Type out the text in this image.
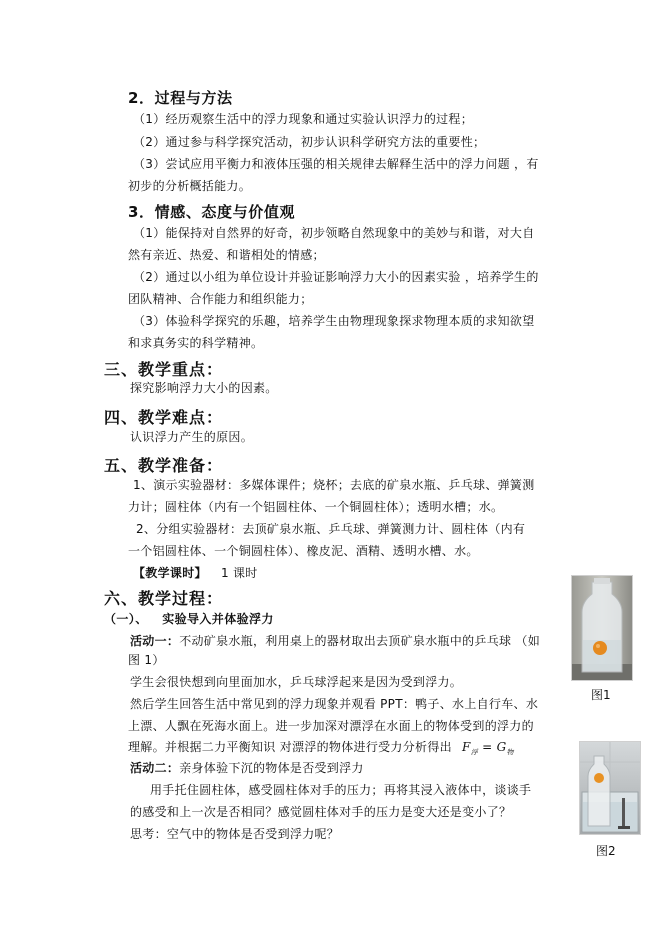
2．过程与方法
（1）经历观察生活中的浮力现象和通过实验认识浮力的过程；
（2）通过参与科学探究活动，初步认识科学研究方法的重要性；
（3）尝试应用平衡力和液体压强的相关规律去解释生活中的浮力问题 ，有
初步的分析概括能力。
3．情感、态度与价值观
（1）能保持对自然界的好奇，初步领略自然现象中的美妙与和谐，对大自
然有亲近、热爱、和谐相处的情感；
（2）通过以小组为单位设计并验证影响浮力大小的因素实验 ，培养学生的
团队精神、合作能力和组织能力；
（3）体验科学探究的乐趣，培养学生由物理现象探求物理本质的求知欲望
和求真务实的科学精神。
三、教学重点：
探究影响浮力大小的因素。
四、教学难点：
认识浮力产生的原因。
五、教学准备：
1、演示实验器材：多媒体课件；烧杯；去底的矿泉水瓶、乒乓球、弹簧测
力计；圆柱体（内有一个铝圆柱体、一个铜圆柱体）；透明水槽；水。
2、分组实验器材：去顶矿泉水瓶、乒乓球、弹簧测力计、圆柱体（内有
一个铝圆柱体、一个铜圆柱体）、橡皮泥、酒精、透明水槽、水。
【教学课时】 1 课时
六、教学过程：
（一）、 实验导入并体验浮力
活动一：不动矿泉水瓶，利用桌上的器材取出去顶矿泉水瓶中的乒乓球 （如
图 1）
学生会很快想到向里面加水，乒乓球浮起来是因为受到浮力。
然后学生回答生活中常见到的浮力现象并观看 PPT：鸭子、水上自行车、水
上漂、人飘在死海水面上。进一步加深对漂浮在水面上的物体受到的浮力的
理解。并根据二力平衡知识 对漂浮的物体进行受力分析得出 $F_浮 = G_物$
活动二：亲身体验下沉的物体是否受到浮力
用手托住圆柱体，感受圆柱体对手的压力；再将其浸入液体中，谈谈手
的感受和上一次是否相同？感觉圆柱体对手的压力是变大还是变小了？
思考：空气中的物体是否受到浮力呢？
图1
图2
